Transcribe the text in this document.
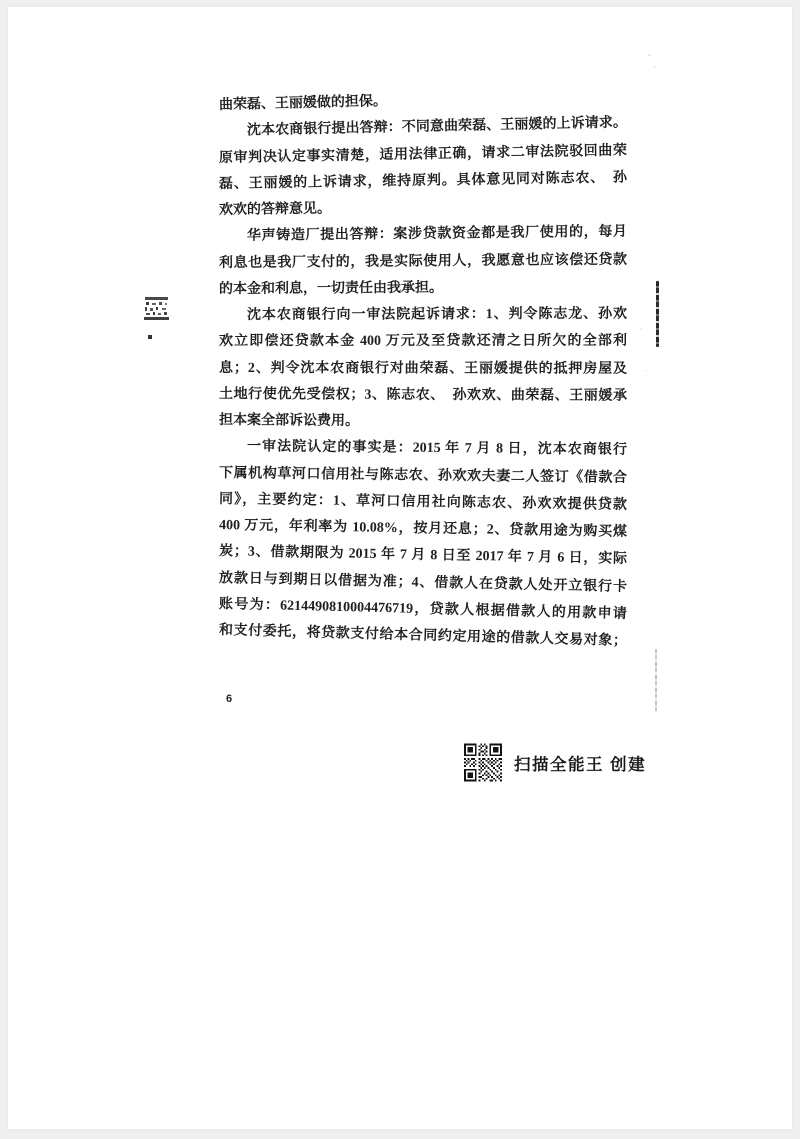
曲荣磊、王丽媛做的担保。
沈本农商银行提出答辩：不同意曲荣磊、王丽媛的上诉请求。
原审判决认定事实清楚，适用法律正确，请求二审法院驳回曲荣
磊、王丽媛的上诉请求，维持原判。具体意见同对陈志农、　孙
欢欢的答辩意见。
华声铸造厂提出答辩：案涉贷款资金都是我厂使用的，每月
利息也是我厂支付的，我是实际使用人，我愿意也应该偿还贷款
的本金和利息，一切责任由我承担。
沈本农商银行向一审法院起诉请求：1、判令陈志龙、孙欢
欢立即偿还贷款本金 400 万元及至贷款还清之日所欠的全部利
息；2、判令沈本农商银行对曲荣磊、王丽媛提供的抵押房屋及
土地行使优先受偿权；3、陈志农、　孙欢欢、曲荣磊、王丽媛承
担本案全部诉讼费用。
一审法院认定的事实是：2015 年 7 月 8 日，沈本农商银行
下属机构草河口信用社与陈志农、孙欢欢夫妻二人签订《借款合
同》，主要约定：1、草河口信用社向陈志农、孙欢欢提供贷款
400 万元，年利率为 10.08%，按月还息；2、贷款用途为购买煤
炭；3、借款期限为 2015 年 7 月 8 日至 2017 年 7 月 6 日，实际
放款日与到期日以借据为准；4、借款人在贷款人处开立银行卡
账号为：6214490810004476719，贷款人根据借款人的用款申请
和支付委托，将贷款支付给本合同约定用途的借款人交易对象；
6
扫描全能王 创建
